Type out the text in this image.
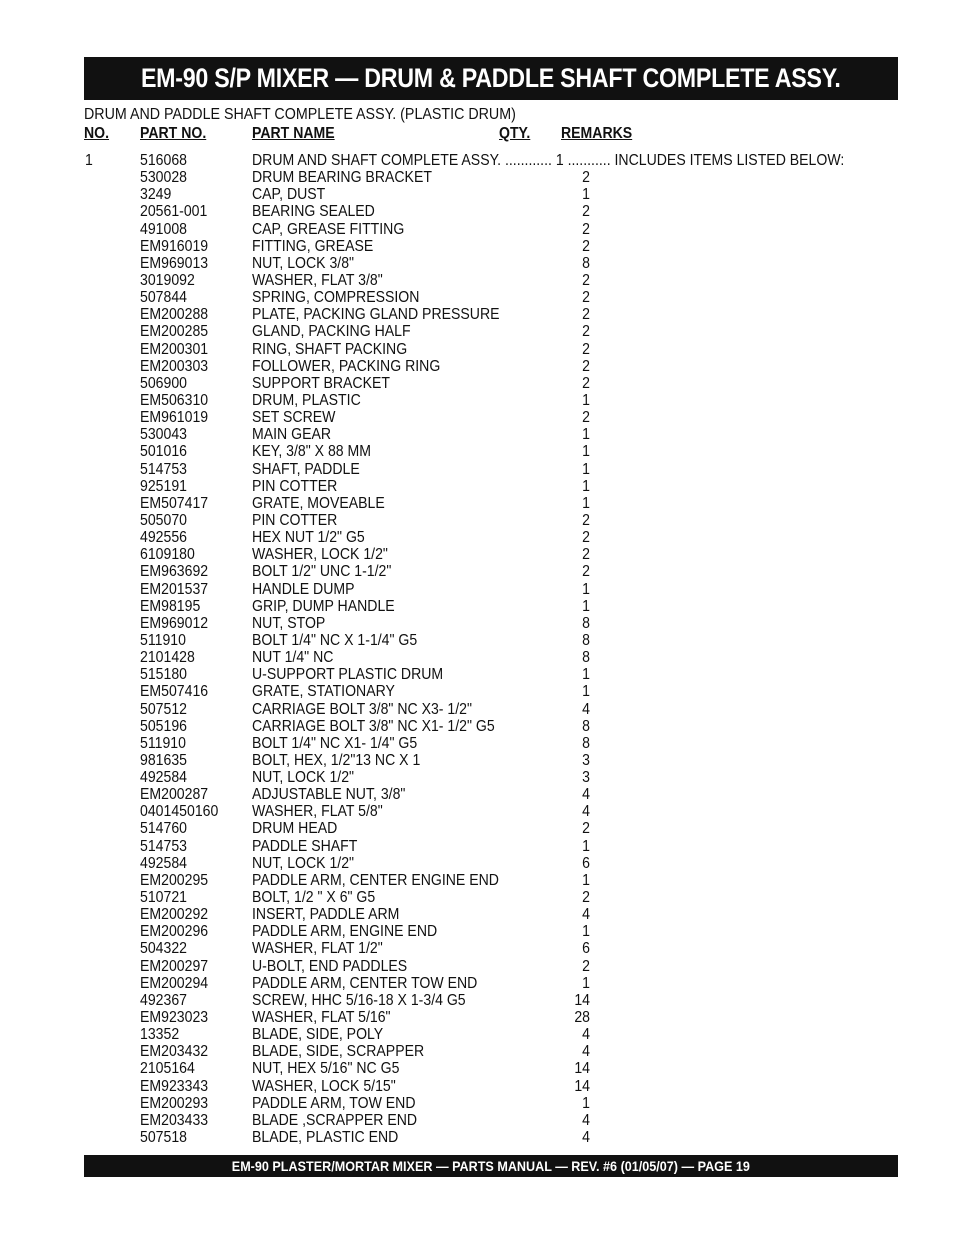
EM-90 S/P MIXER — DRUM & PADDLE SHAFT COMPLETE ASSY.
DRUM AND PADDLE SHAFT COMPLETE ASSY. (PLASTIC DRUM)
NO. PART NO.	PART NAME	QTY. REMARKS
1	516068	DRUM AND SHAFT COMPLETE ASSY. ............ 1 ........... INCLUDES ITEMS LISTED BELOW:
530028	DRUM BEARING BRACKET	2
3249	CAP, DUST	1
20561-001	BEARING SEALED	2
491008	CAP, GREASE FITTING	2
EM916019	FITTING, GREASE	2
EM969013	NUT, LOCK 3/8"	8
3019092	WASHER, FLAT 3/8"	2
507844	SPRING, COMPRESSION	2
EM200288	PLATE, PACKING GLAND PRESSURE	2
EM200285	GLAND, PACKING HALF	2
EM200301	RING, SHAFT PACKING	2
EM200303	FOLLOWER, PACKING RING	2
506900	SUPPORT BRACKET	2
EM506310	DRUM, PLASTIC	1
EM961019	SET SCREW	2
530043	MAIN GEAR	1
501016	KEY, 3/8" X 88 MM	1
514753	SHAFT, PADDLE	1
925191	PIN COTTER	1
EM507417	GRATE, MOVEABLE	1
505070	PIN COTTER	2
492556	HEX NUT 1/2" G5	2
6109180	WASHER, LOCK 1/2"	2
EM963692	BOLT 1/2" UNC 1-1/2"	2
EM201537	HANDLE DUMP	1
EM98195	GRIP, DUMP HANDLE	1
EM969012	NUT, STOP	8
511910	BOLT 1/4" NC X 1-1/4" G5	8
2101428	NUT 1/4" NC	8
515180	U-SUPPORT PLASTIC DRUM	1
EM507416	GRATE, STATIONARY	1
507512	CARRIAGE BOLT 3/8" NC X3- 1/2"	4
505196	CARRIAGE BOLT 3/8" NC X1- 1/2" G5	8
511910	BOLT 1/4" NC X1- 1/4" G5	8
981635	BOLT, HEX, 1/2"13 NC X 1	3
492584	NUT, LOCK 1/2"	3
EM200287	ADJUSTABLE NUT, 3/8"	4
0401450160 WASHER, FLAT 5/8"	4
514760	DRUM HEAD	2
514753	PADDLE SHAFT	1
492584	NUT, LOCK 1/2"	6
EM200295	PADDLE ARM, CENTER ENGINE END	1
510721	BOLT, 1/2 " X 6" G5	2
EM200292	INSERT, PADDLE ARM	4
EM200296	PADDLE ARM, ENGINE END	1
504322	WASHER, FLAT 1/2"	6
EM200297	U-BOLT, END PADDLES	2
EM200294	PADDLE ARM, CENTER TOW END	1
492367	SCREW, HHC 5/16-18 X 1-3/4 G5	14
EM923023	WASHER, FLAT 5/16"	28
13352	BLADE, SIDE, POLY	4
EM203432	BLADE, SIDE, SCRAPPER	4
2105164	NUT, HEX 5/16" NC G5	14
EM923343	WASHER, LOCK 5/15"	14
EM200293	PADDLE ARM, TOW END	1
EM203433	BLADE ,SCRAPPER END	4
507518	BLADE, PLASTIC END	4
EM-90 PLASTER/MORTAR MIXER — PARTS MANUAL — REV. #6 (01/05/07) — PAGE 19
